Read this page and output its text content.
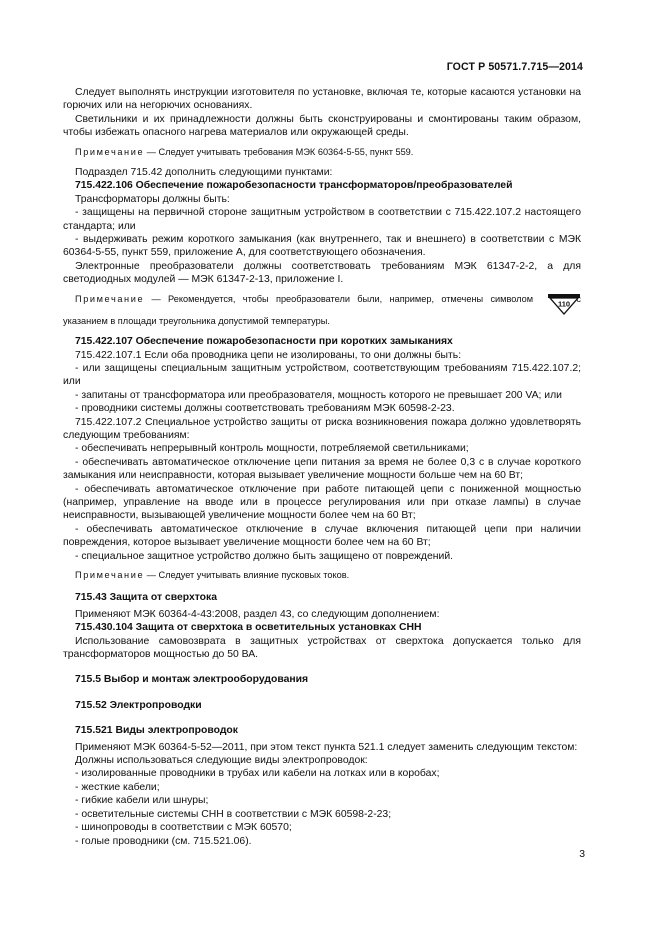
ГОСТ Р 50571.7.715—2014

Следует выполнять инструкции изготовителя по установке, включая те, которые касаются установки на горючих или на негорючих основаниях.

Светильники и их принадлежности должны быть сконструированы и смонтированы таким образом, чтобы избежать опасного нагрева материалов или окружающей среды.

Примечание — Следует учитывать требования МЭК 60364-5-55, пункт 559.

Подраздел 715.42 дополнить следующими пунктами:

715.422.106 Обеспечение пожаробезопасности трансформаторов/преобразователей

Трансформаторы должны быть:

- защищены на первичной стороне защитным устройством в соответствии с 715.422.107.2 настоящего стандарта; или

- выдерживать режим короткого замыкания (как внутреннего, так и внешнего) в соответствии с МЭК 60364-5-55, пункт 559, приложение А, для соответствующего обозначения.

Электронные преобразователи должны соответствовать требованиям МЭК 61347-2-2, а для светодиодных модулей — МЭК 61347-2-13, приложение I.

Примечание — Рекомендуется, чтобы преобразователи были, например, отмечены символом	110
с указанием в площади треугольника допустимой температуры.

715.422.107 Обеспечение пожаробезопасности при коротких замыканиях

715.422.107.1 Если оба проводника цепи не изолированы, то они должны быть:

- или защищены специальным защитным устройством, соответствующим требованиям 715.422.107.2; или

- запитаны от трансформатора или преобразователя, мощность которого не превышает 200 VA; или

- проводники системы должны соответствовать требованиям МЭК 60598-2-23.

715.422.107.2 Специальное устройство защиты от риска возникновения пожара должно удовлетворять следующим требованиям:

- обеспечивать непрерывный контроль мощности, потребляемой светильниками;

- обеспечивать автоматическое отключение цепи питания за время не более 0,3 с в случае короткого замыкания или неисправности, которая вызывает увеличение мощности больше чем на 60 Вт;

- обеспечивать автоматическое отключение при работе питающей цепи с пониженной мощностью (например, управление на вводе или в процессе регулирования или при отказе лампы) в случае неисправности, вызывающей увеличение мощности более чем на 60 Вт;

- обеспечивать автоматическое отключение в случае включения питающей цепи при наличии повреждения, которое вызывает увеличение мощности более чем на 60 Вт;

- специальное защитное устройство должно быть защищено от повреждений.

Примечание — Следует учитывать влияние пусковых токов.

715.43 Защита от сверхтока

Применяют МЭК 60364-4-43:2008, раздел 43, со следующим дополнением:

715.430.104 Защита от сверхтока в осветительных установках СНН

Использование самовозврата в защитных устройствах от сверхтока допускается только для трансформаторов мощностью до 50 ВА.

715.5 Выбор и монтаж электрооборудования

715.52 Электропроводки

715.521 Виды электропроводок

Применяют МЭК 60364-5-52—2011, при этом текст пункта 521.1 следует заменить следующим текстом:

Должны использоваться следующие виды электропроводок:

- изолированные проводники в трубах или кабели на лотках или в коробах;

- жесткие кабели;

- гибкие кабели или шнуры;

- осветительные системы СНН в соответствии с МЭК 60598-2-23;

- шинопроводы в соответствии с МЭК 60570;

- голые проводники (см. 715.521.06).

3
